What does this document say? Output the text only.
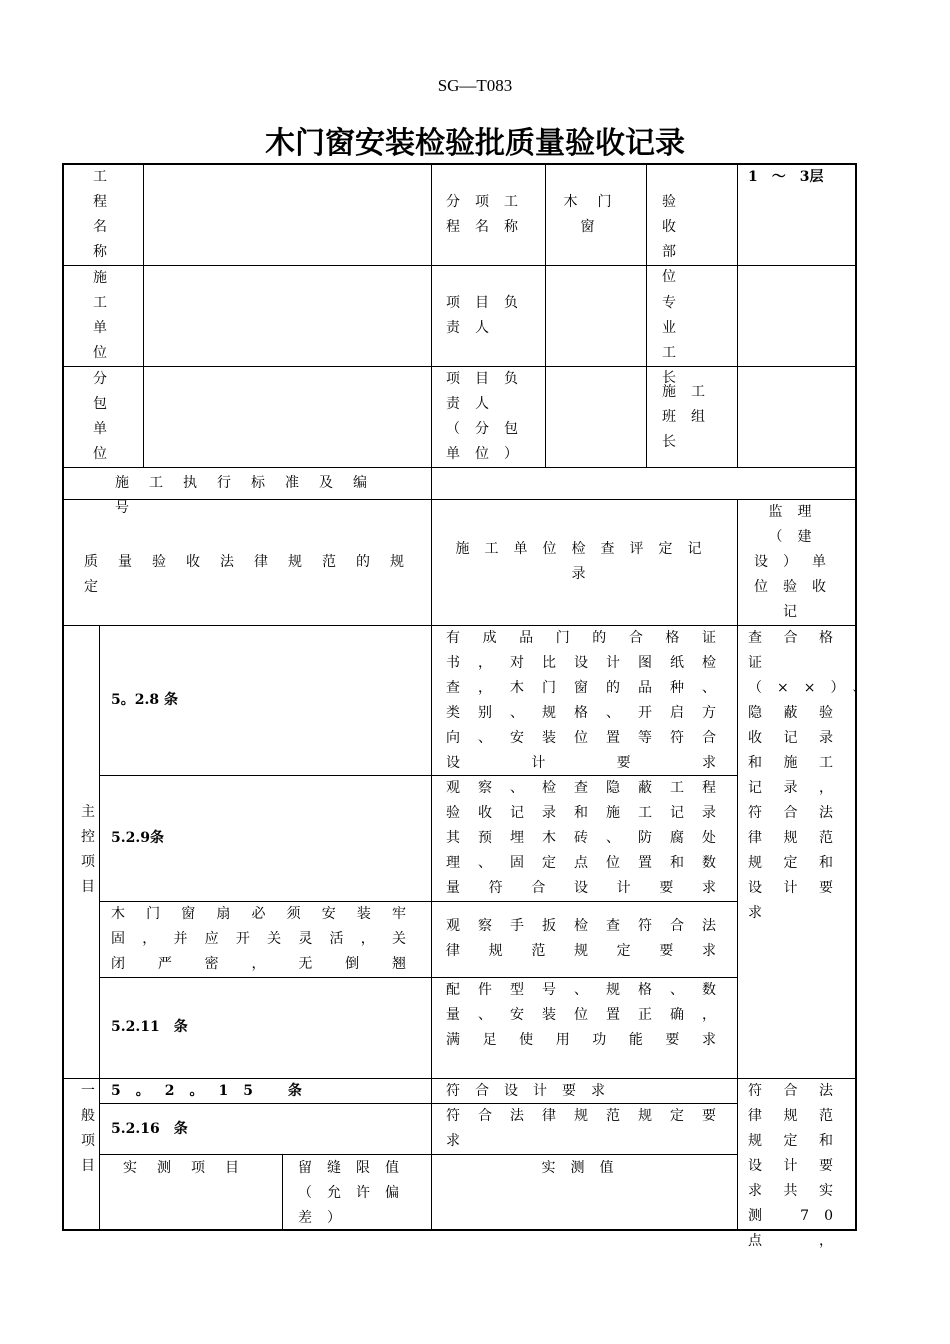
SG—T083
木门窗安装检验批质量验收记录
工程名称
分项工程名称
木门窗
验收部位
1　～　3层
施工单位
项目负责人
专业工长
分包单位
项目负责人（分包单位）
施工班组长
施工执行标准及编号
质量验收法律规范的规定
施工单位检查评定记录
监理（建设）单位验收记
主控项目
5。2.8 条
有成品门的合格证书，对比设计图纸检查，木门窗的品种、类别、规格、开启方向、安装位置等符合设计要求
5.2.9条
观察、检查隐蔽工程验收记录和施工记录其预埋木砖、防腐处理、固定点位置和数量符合设计要求
木门窗扇必须安装牢固，并应开关灵活，关闭严密，无倒翘
观察手扳检查符合法律规范规定要求
5.2.11　条
配件型号、规格、数量、安装位置正确，满足使用功能要求
查合格证（××）、隐蔽验收记录和施工记录，符合法律规范规定和设计要求
一般项目
5。2。15 条	符合设计要求
5.2.16　条
符合法律规范规定要求
实测项目	留缝限值（允许偏差）
实测值
符合法律规范规定和设计要求共实测70点，
